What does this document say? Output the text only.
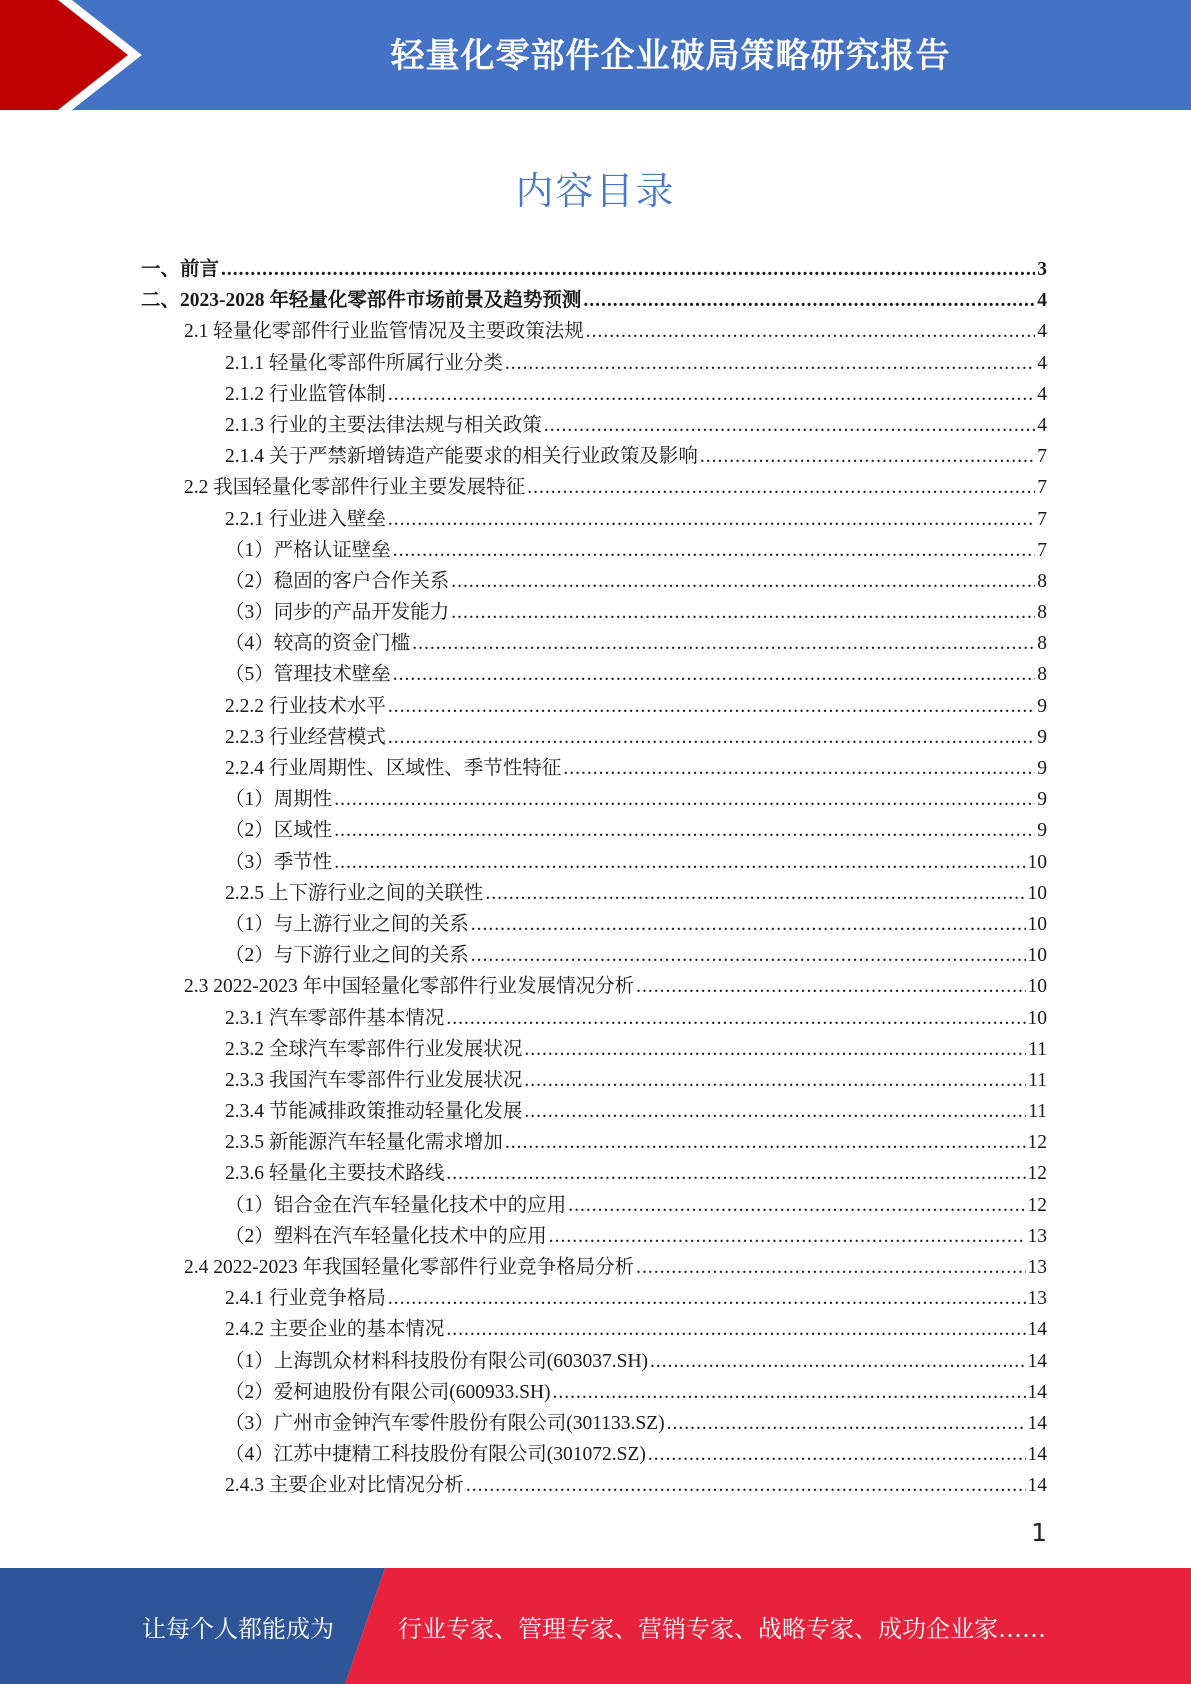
轻量化零部件企业破局策略研究报告
内容目录
一、前言 .....	3
二、2023-2028 年轻量化零部件市场前景及趋势预测 .....	4
2.1 轻量化零部件行业监管情况及主要政策法规 .....	4
2.1.1 轻量化零部件所属行业分类 .....	4
2.1.2 行业监管体制 .....	4
2.1.3 行业的主要法律法规与相关政策 .....	4
2.1.4 关于严禁新增铸造产能要求的相关行业政策及影响 .....	7
2.2 我国轻量化零部件行业主要发展特征 .....	7
2.2.1 行业进入壁垒 .....	7
（1）严格认证壁垒 .....	7
（2）稳固的客户合作关系 .....	8
（3）同步的产品开发能力 .....	8
（4）较高的资金门槛 .....	8
（5）管理技术壁垒 .....	8
2.2.2 行业技术水平 .....	9
2.2.3 行业经营模式 .....	9
2.2.4 行业周期性、区域性、季节性特征 .....	9
（1）周期性 .....	9
（2）区域性 .....	9
（3）季节性 .....	10
2.2.5 上下游行业之间的关联性 .....	10
（1）与上游行业之间的关系 .....	10
（2）与下游行业之间的关系 .....	10
2.3 2022-2023 年中国轻量化零部件行业发展情况分析 .....	10
2.3.1 汽车零部件基本情况 .....	10
2.3.2 全球汽车零部件行业发展状况 .....	11
2.3.3 我国汽车零部件行业发展状况 .....	11
2.3.4 节能减排政策推动轻量化发展 .....	11
2.3.5 新能源汽车轻量化需求增加 .....	12
2.3.6 轻量化主要技术路线 .....	12
（1）铝合金在汽车轻量化技术中的应用 .....	12
（2）塑料在汽车轻量化技术中的应用 .....	13
2.4 2022-2023 年我国轻量化零部件行业竞争格局分析 .....	13
2.4.1 行业竞争格局 .....	13
2.4.2 主要企业的基本情况 .....	14
（1）上海凯众材料科技股份有限公司(603037.SH) .....	14
（2）爱柯迪股份有限公司(600933.SH) .....	14
（3）广州市金钟汽车零件股份有限公司(301133.SZ) .....	14
（4）江苏中捷精工科技股份有限公司(301072.SZ) .....	14
2.4.3 主要企业对比情况分析 .....	14
1
让每个人都能成为	行业专家、管理专家、营销专家、战略专家、成功企业家……
